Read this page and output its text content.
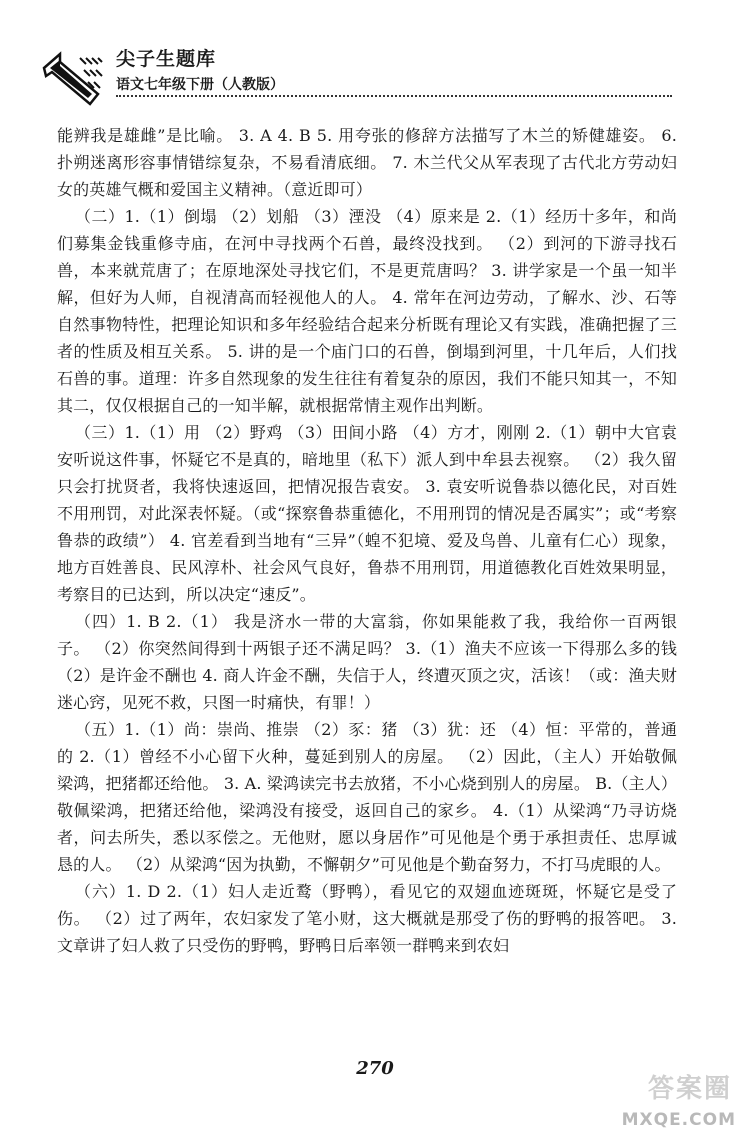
尖子生题库
语文七年级下册（人教版）

能辨我是雄雌”是比喻。 3. A 4. B 5. 用夸张的修辞方法描写了木兰的矫健雄姿。 6. 扑朔迷离形容事情错综复杂，不易看清底细。 7. 木兰代父从军表现了古代北方劳动妇女的英雄气概和爱国主义精神。（意近即可）

（二）1.（1）倒塌 （2）划船 （3）湮没 （4）原来是 2.（1）经历十多年，和尚们募集金钱重修寺庙，在河中寻找两个石兽，最终没找到。 （2）到河的下游寻找石兽，本来就荒唐了；在原地深处寻找它们，不是更荒唐吗？ 3. 讲学家是一个虽一知半解，但好为人师，自视清高而轻视他人的人。 4. 常年在河边劳动，了解水、沙、石等自然事物特性，把理论知识和多年经验结合起来分析既有理论又有实践，准确把握了三者的性质及相互关系。 5. 讲的是一个庙门口的石兽，倒塌到河里，十几年后，人们找石兽的事。道理：许多自然现象的发生往往有着复杂的原因，我们不能只知其一，不知其二，仅仅根据自己的一知半解，就根据常情主观作出判断。

（三）1.（1）用 （2）野鸡 （3）田间小路 （4）方才，刚刚 2.（1）朝中大官袁安听说这件事，怀疑它不是真的，暗地里（私下）派人到中牟县去视察。 （2）我久留只会打扰贤者，我将快速返回，把情况报告袁安。 3. 袁安听说鲁恭以德化民，对百姓不用刑罚，对此深表怀疑。（或“探察鲁恭重德化，不用刑罚的情况是否属实”；或“考察鲁恭的政绩”） 4. 官差看到当地有“三异”（蝗不犯境、爱及鸟兽、儿童有仁心）现象，地方百姓善良、民风淳朴、社会风气良好，鲁恭不用刑罚，用道德教化百姓效果明显，考察目的已达到，所以决定“速反”。

（四）1. B 2.（1） 我是济水一带的大富翁，你如果能救了我，我给你一百两银子。 （2）你突然间得到十两银子还不满足吗？ 3.（1）渔夫不应该一下得那么多的钱 （2）是许金不酬也 4. 商人许金不酬，失信于人，终遭灭顶之灾，活该！（或：渔夫财迷心窍，见死不救，只图一时痛快，有罪！）

（五）1.（1）尚：崇尚、推崇 （2）豕：猪 （3）犹：还 （4）恒：平常的，普通的 2.（1）曾经不小心留下火种，蔓延到别人的房屋。 （2）因此，（主人）开始敬佩梁鸿，把猪都还给他。 3. A. 梁鸿读完书去放猪，不小心烧到别人的房屋。 B.（主人）敬佩梁鸿，把猪还给他，梁鸿没有接受，返回自己的家乡。 4.（1）从梁鸿“乃寻访烧者，问去所失，悉以豕偿之。无他财，愿以身居作”可见他是个勇于承担责任、忠厚诚恳的人。 （2）从梁鸿“因为执勤，不懈朝夕”可见他是个勤奋努力，不打马虎眼的人。

（六）1. D 2.（1）妇人走近鹜（野鸭），看见它的双翅血迹斑斑，怀疑它是受了伤。 （2）过了两年，农妇家发了笔小财，这大概就是那受了伤的野鸭的报答吧。 3. 文章讲了妇人救了只受伤的野鸭，野鸭日后率领一群鸭来到农妇

270
答案圈
MXQE.COM
